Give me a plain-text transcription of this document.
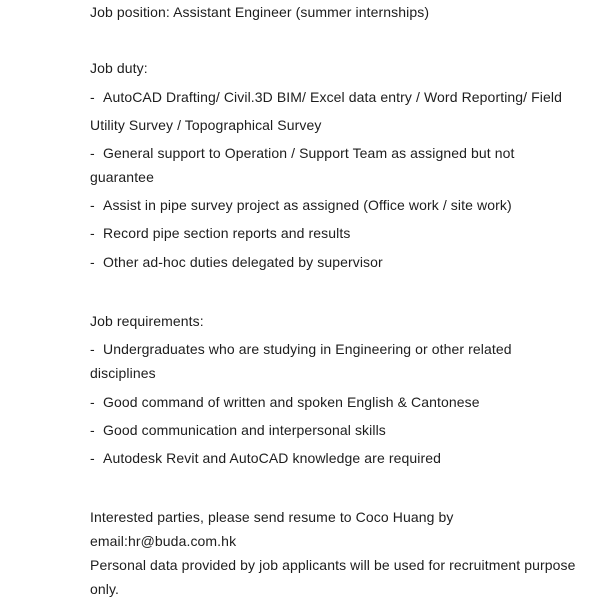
Job position: Assistant Engineer (summer internships)
Job duty:
- AutoCAD Drafting/ Civil.3D BIM/ Excel data entry / Word Reporting/ Field
Utility Survey / Topographical Survey
- General support to Operation / Support Team as assigned but not
guarantee
- Assist in pipe survey project as assigned (Office work / site work)
- Record pipe section reports and results
- Other ad-hoc duties delegated by supervisor
Job requirements:
- Undergraduates who are studying in Engineering or other related
disciplines
- Good command of written and spoken English & Cantonese
- Good communication and interpersonal skills
- Autodesk Revit and AutoCAD knowledge are required
Interested parties, please send resume to Coco Huang by
email:hr@buda.com.hk
Personal data provided by job applicants will be used for recruitment purpose
only.
